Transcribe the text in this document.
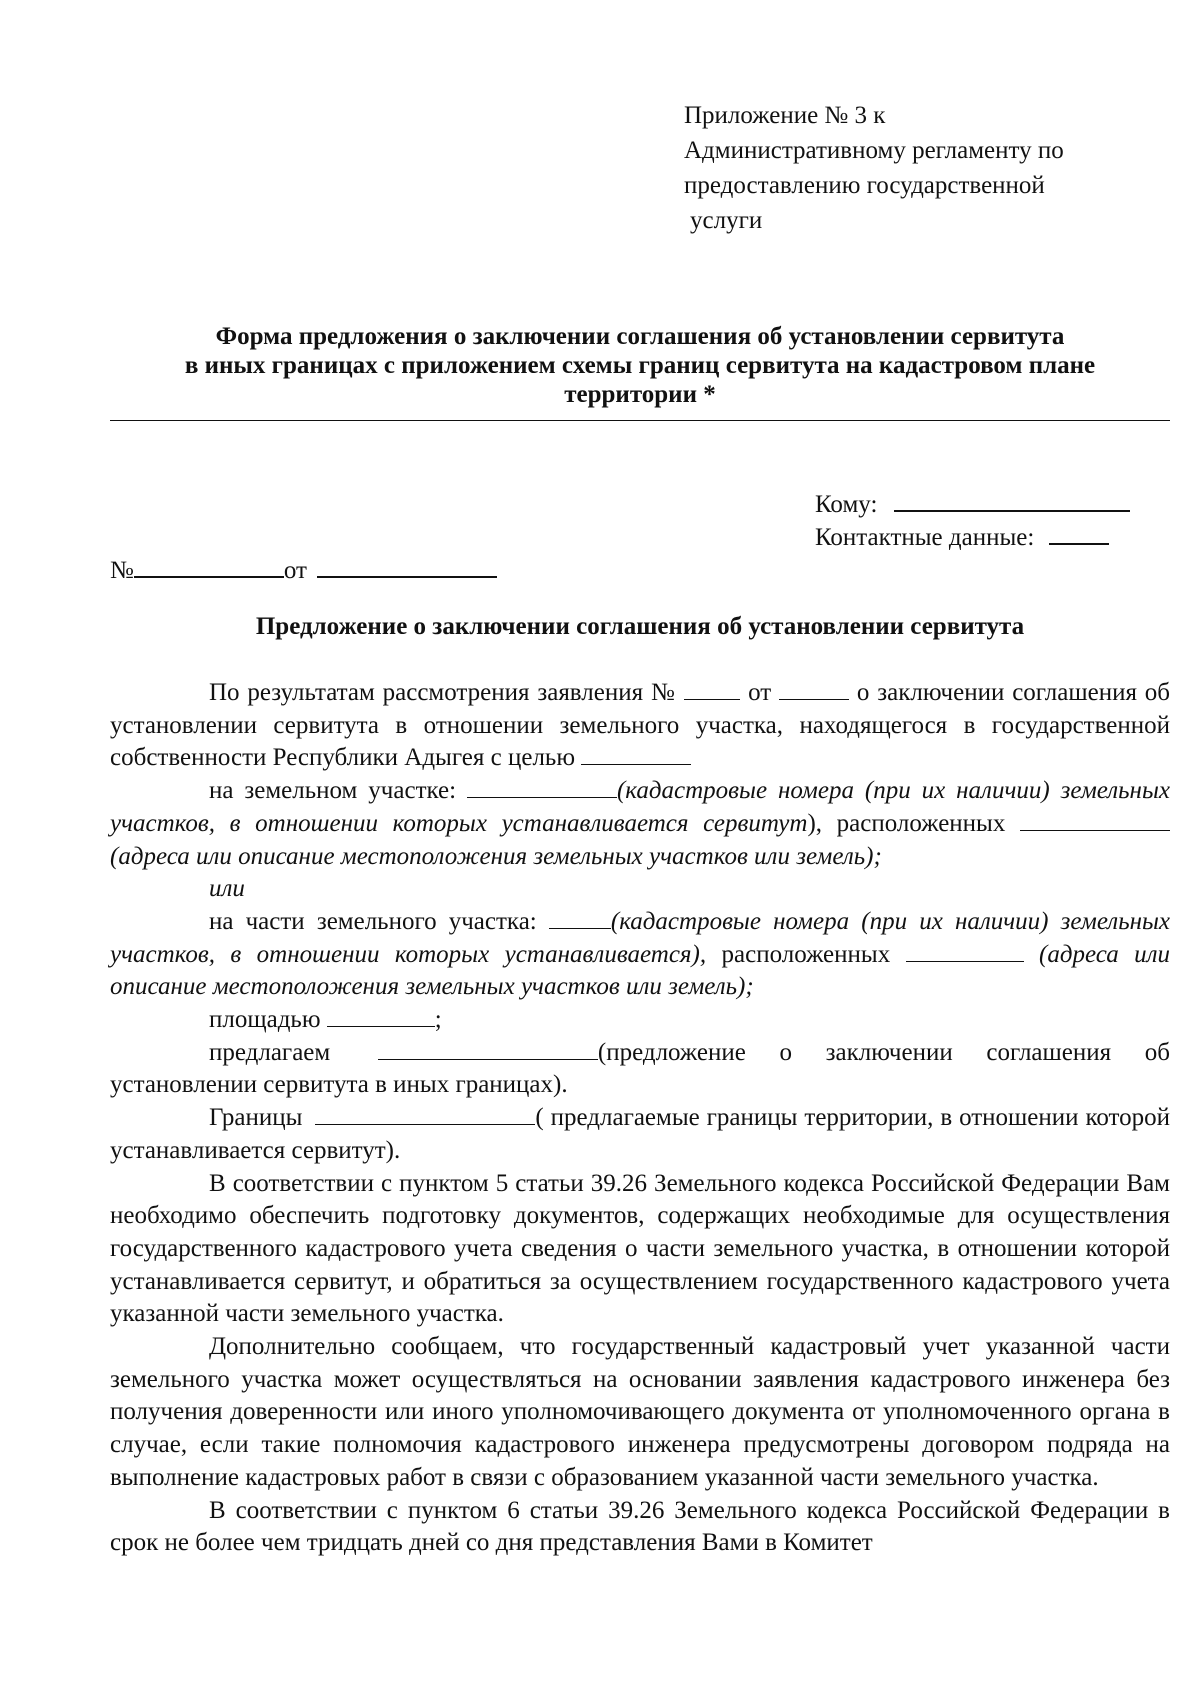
Приложение № 3 к
Административному регламенту по
предоставлению государственной
услуги
Форма предложения о заключении соглашения об установлении сервитута
в иных границах с приложением схемы границ сервитута на кадастровом плане
территории *
Кому:
Контактные данные:
№	от
Предложение о заключении соглашения об установлении сервитута

По результатам рассмотрения заявления №	от	о заключении соглашения об установлении сервитута в отношении земельного участка, находящегося в государственной собственности Республики Адыгея с целью

на земельном участке:	(кадастровые номера (при их наличии) земельных участков, в отношении которых устанавливается сервитут), расположенных (адреса или описание местоположения земельных участков или земель);

или

на части земельного участка:	(кадастровые номера (при их наличии) земельных участков, в отношении которых устанавливается), расположенных	(адреса или описание местоположения земельных участков или земель);

площадью	;

предлагаем	(предложение о заключении соглашения об установлении сервитута в иных границах).

Границы	( предлагаемые границы территории, в отношении которой устанавливается сервитут).

В соответствии с пунктом 5 статьи 39.26 Земельного кодекса Российской Федерации Вам необходимо обеспечить подготовку документов, содержащих необходимые для осуществления государственного кадастрового учета сведения о части земельного участка, в отношении которой устанавливается сервитут, и обратиться за осуществлением государственного кадастрового учета указанной части земельного участка.

Дополнительно сообщаем, что государственный кадастровый учет указанной части земельного участка может осуществляться на основании заявления кадастрового инженера без получения доверенности или иного уполномочивающего документа от уполномоченного органа в случае, если такие полномочия кадастрового инженера предусмотрены договором подряда на выполнение кадастровых работ в связи с образованием указанной части земельного участка.

В соответствии с пунктом 6 статьи 39.26 Земельного кодекса Российской Федерации в срок не более чем тридцать дней со дня представления Вами в Комитет
